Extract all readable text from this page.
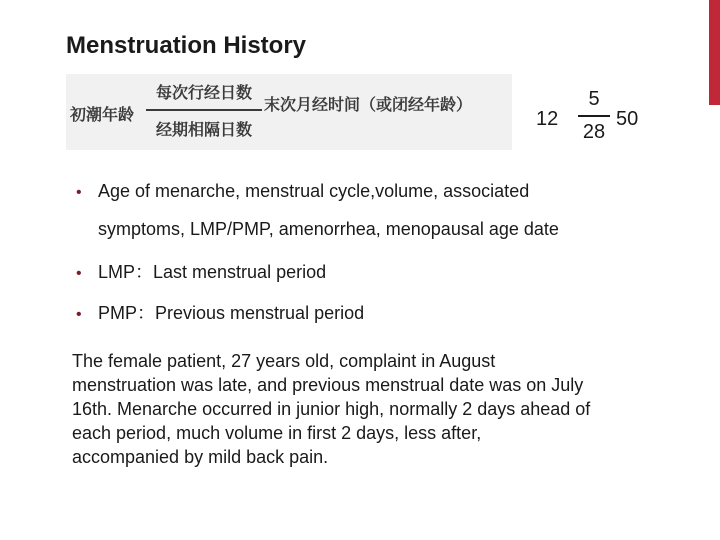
Menstruation History
初潮年龄
每次行经日数
经期相隔日数
末次月经时间（或闭经年龄）
12
5
28
50
• Age of menarche, menstrual cycle,volume, associated
symptoms, LMP/PMP, amenorrhea, menopausal age date
• LMP：Last menstrual period
• PMP：Previous menstrual period
The female patient, 27 years old, complaint in August
menstruation was late, and previous menstrual date was on July
16th. Menarche occurred in junior high, normally 2 days ahead of
each period, much volume in first 2 days, less after,
accompanied by mild back pain.
